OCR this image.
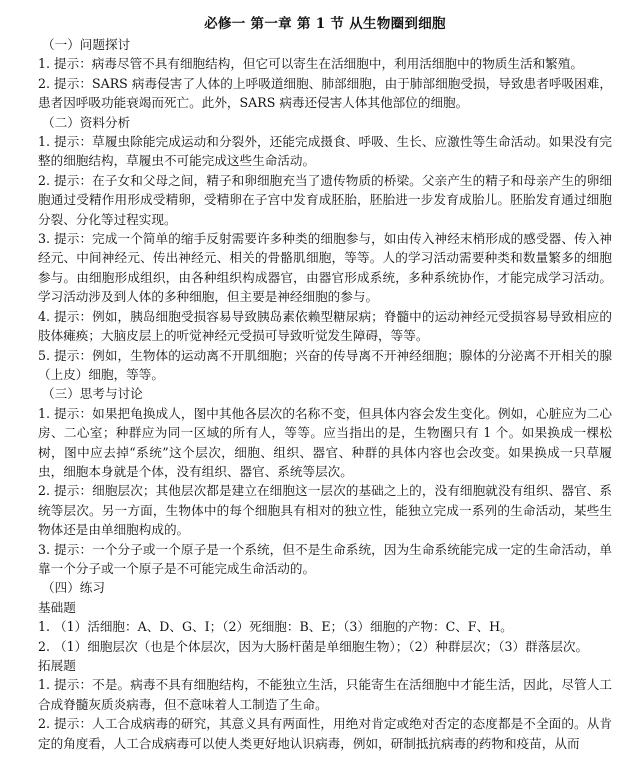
必修一 第一章 第 1 节 从生物圈到细胞
（一）问题探讨

1. 提示：病毒尽管不具有细胞结构，但它可以寄生在活细胞中，利用活细胞中的物质生活和繁殖。

2. 提示：SARS 病毒侵害了人体的上呼吸道细胞、肺部细胞，由于肺部细胞受损，导致患者呼吸困难，患者因呼吸功能衰竭而死亡。此外，SARS 病毒还侵害人体其他部位的细胞。

（二）资料分析

1. 提示：草履虫除能完成运动和分裂外，还能完成摄食、呼吸、生长、应激性等生命活动。如果没有完整的细胞结构，草履虫不可能完成这些生命活动。

2. 提示：在子女和父母之间，精子和卵细胞充当了遗传物质的桥梁。父亲产生的精子和母亲产生的卵细胞通过受精作用形成受精卵，受精卵在子宫中发育成胚胎，胚胎进一步发育成胎儿。胚胎发育通过细胞分裂、分化等过程实现。

3. 提示：完成一个简单的缩手反射需要许多种类的细胞参与，如由传入神经末梢形成的感受器、传入神经元、中间神经元、传出神经元、相关的骨骼肌细胞，等等。人的学习活动需要种类和数量繁多的细胞参与。由细胞形成组织，由各种组织构成器官，由器官形成系统，多种系统协作，才能完成学习活动。学习活动涉及到人体的多种细胞，但主要是神经细胞的参与。

4. 提示：例如，胰岛细胞受损容易导致胰岛素依赖型糖尿病；脊髓中的运动神经元受损容易导致相应的肢体瘫痪；大脑皮层上的听觉神经元受损可导致听觉发生障碍，等等。

5. 提示：例如，生物体的运动离不开肌细胞；兴奋的传导离不开神经细胞；腺体的分泌离不开相关的腺（上皮）细胞，等等。

（三）思考与讨论

1. 提示：如果把龟换成人，图中其他各层次的名称不变，但具体内容会发生变化。例如，心脏应为二心房、二心室；种群应为同一区域的所有人，等等。应当指出的是，生物圈只有 1 个。如果换成一棵松树，图中应去掉“系统”这个层次，细胞、组织、器官、种群的具体内容也会改变。如果换成一只草履虫，细胞本身就是个体，没有组织、器官、系统等层次。

2. 提示：细胞层次；其他层次都是建立在细胞这一层次的基础之上的，没有细胞就没有组织、器官、系统等层次。另一方面，生物体中的每个细胞具有相对的独立性，能独立完成一系列的生命活动，某些生物体还是由单细胞构成的。

3. 提示：一个分子或一个原子是一个系统，但不是生命系统，因为生命系统能完成一定的生命活动，单靠一个分子或一个原子是不可能完成生命活动的。

（四）练习
基础题

1. （1）活细胞：A、D、G、I；（2）死细胞：B、E；（3）细胞的产物：C、F、H。

2. （1）细胞层次（也是个体层次，因为大肠杆菌是单细胞生物）；（2）种群层次；（3）群落层次。

拓展题

1. 提示：不是。病毒不具有细胞结构，不能独立生活，只能寄生在活细胞中才能生活，因此，尽管人工合成脊髓灰质炎病毒，但不意味着人工制造了生命。

2. 提示：人工合成病毒的研究，其意义具有两面性，用绝对肯定或绝对否定的态度都是不全面的。从肯定的角度看，人工合成病毒可以使人类更好地认识病毒，例如，研制抵抗病毒的药物和疫苗，从而
